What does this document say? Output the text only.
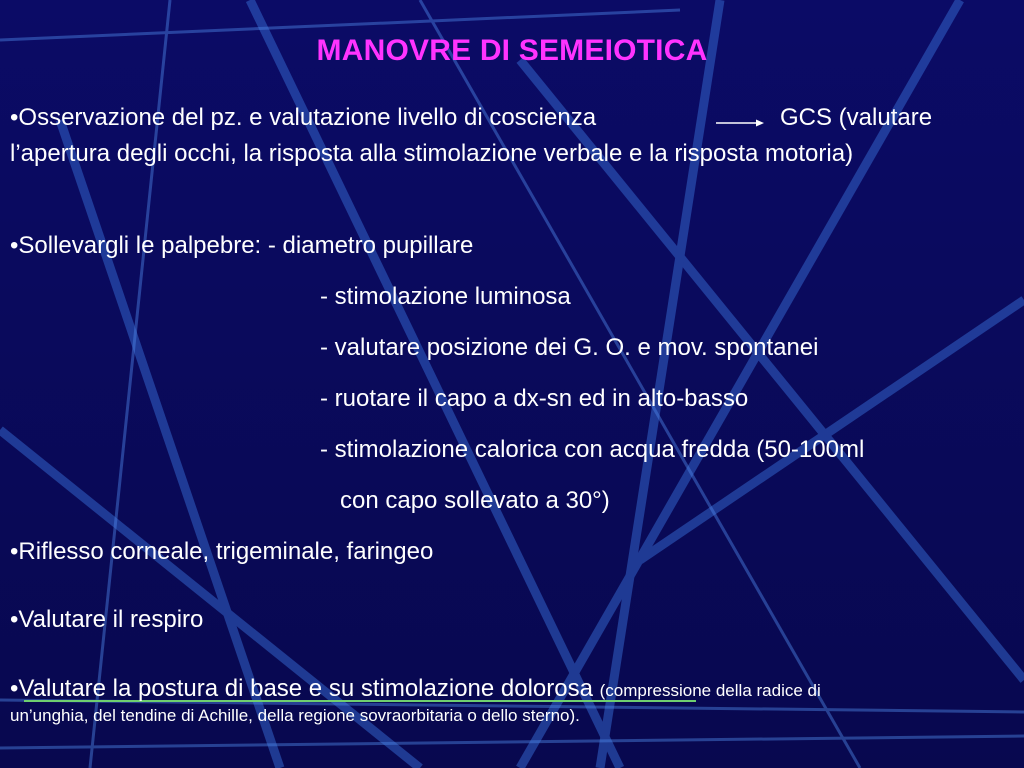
MANOVRE DI SEMEIOTICA
•Osservazione del pz. e valutazione livello di coscienza	GCS (valutare
l’apertura degli occhi, la risposta alla stimolazione verbale e la risposta motoria)
•Sollevargli le palpebre: - diametro pupillare
- stimolazione luminosa
- valutare posizione dei G. O. e mov. spontanei
- ruotare il capo a dx-sn ed in alto-basso
- stimolazione calorica con acqua fredda (50-100ml
con capo sollevato a 30°)
•Riflesso corneale, trigeminale, faringeo
•Valutare il respiro
•Valutare la postura di base e su stimolazione dolorosa (compressione della radice di
un’unghia, del tendine di Achille, della regione sovraorbitaria o dello sterno).
